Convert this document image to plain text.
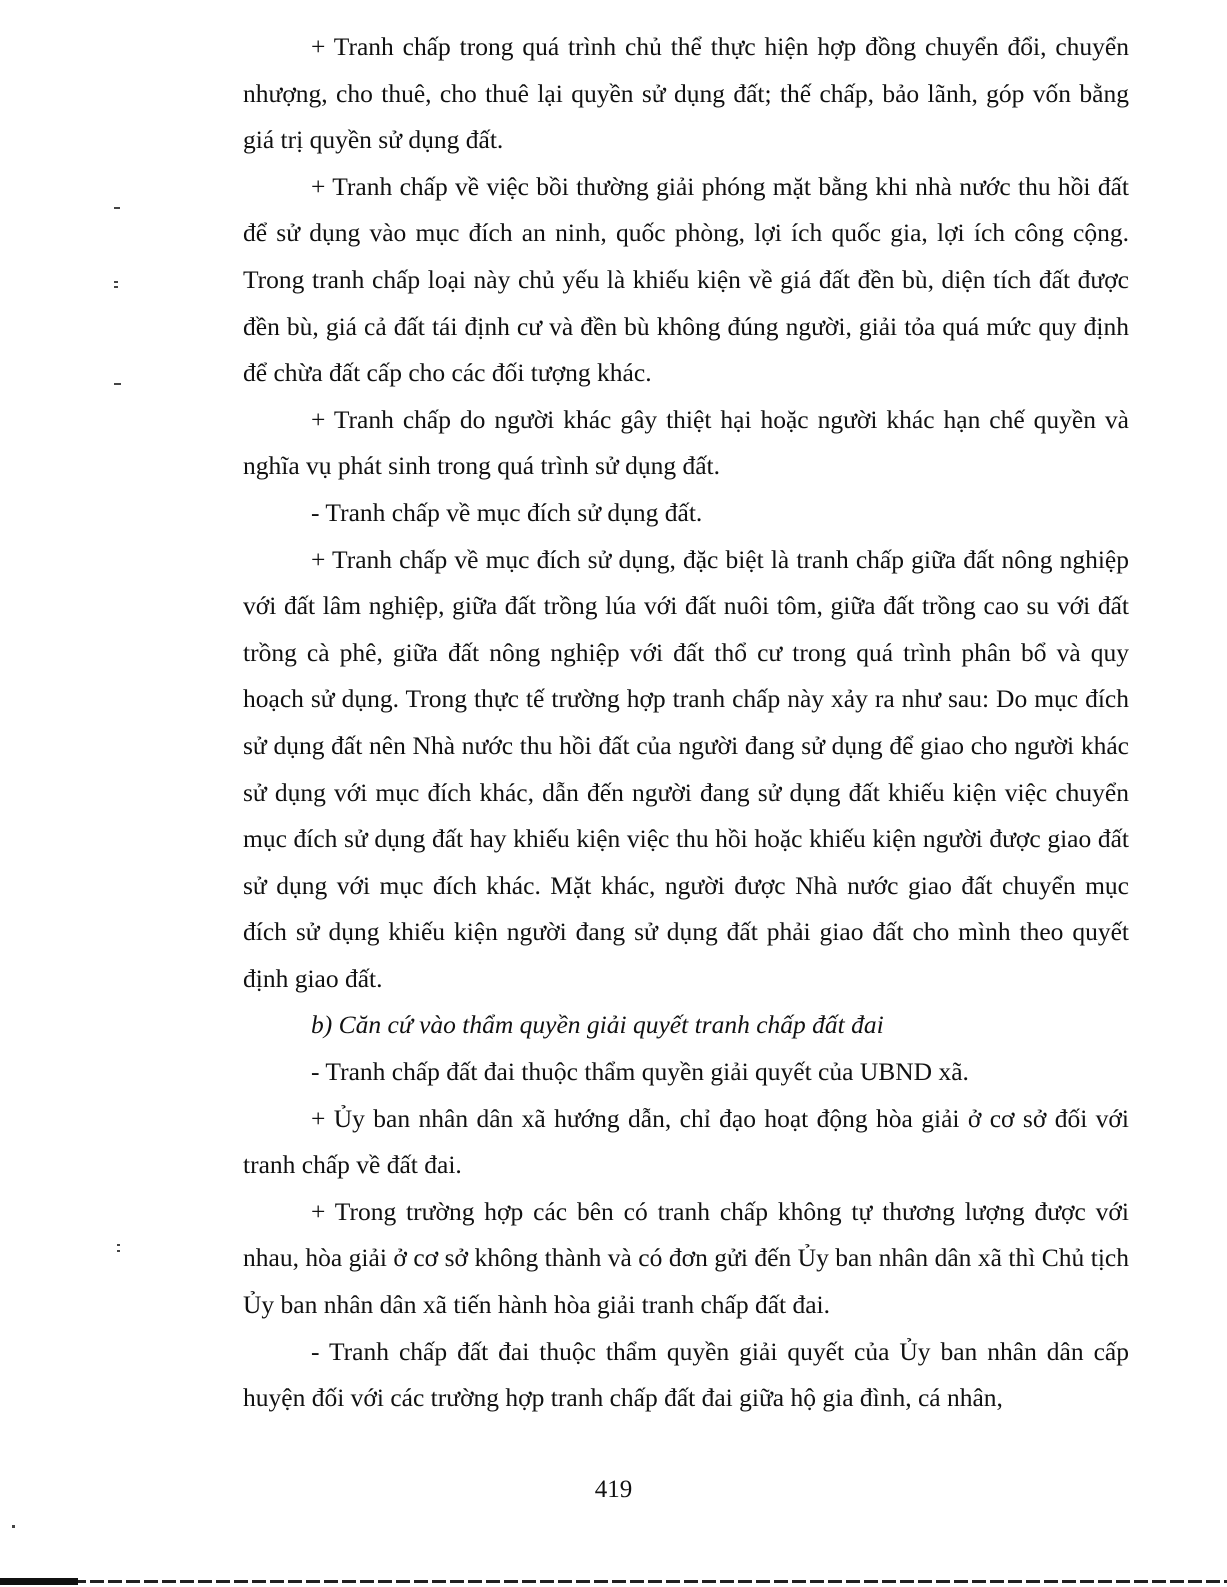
+ Tranh chấp trong quá trình chủ thể thực hiện hợp đồng chuyển đổi, chuyển nhượng, cho thuê, cho thuê lại quyền sử dụng đất; thế chấp, bảo lãnh, góp vốn bằng giá trị quyền sử dụng đất.

+ Tranh chấp về việc bồi thường giải phóng mặt bằng khi nhà nước thu hồi đất để sử dụng vào mục đích an ninh, quốc phòng, lợi ích quốc gia, lợi ích công cộng. Trong tranh chấp loại này chủ yếu là khiếu kiện về giá đất đền bù, diện tích đất được đền bù, giá cả đất tái định cư và đền bù không đúng người, giải tỏa quá mức quy định để chừa đất cấp cho các đối tượng khác.

+ Tranh chấp do người khác gây thiệt hại hoặc người khác hạn chế quyền và nghĩa vụ phát sinh trong quá trình sử dụng đất.

- Tranh chấp về mục đích sử dụng đất.

+ Tranh chấp về mục đích sử dụng, đặc biệt là tranh chấp giữa đất nông nghiệp với đất lâm nghiệp, giữa đất trồng lúa với đất nuôi tôm, giữa đất trồng cao su với đất trồng cà phê, giữa đất nông nghiệp với đất thổ cư trong quá trình phân bổ và quy hoạch sử dụng. Trong thực tế trường hợp tranh chấp này xảy ra như sau: Do mục đích sử dụng đất nên Nhà nước thu hồi đất của người đang sử dụng để giao cho người khác sử dụng với mục đích khác, dẫn đến người đang sử dụng đất khiếu kiện việc chuyển mục đích sử dụng đất hay khiếu kiện việc thu hồi hoặc khiếu kiện người được giao đất sử dụng với mục đích khác. Mặt khác, người được Nhà nước giao đất chuyển mục đích sử dụng khiếu kiện người đang sử dụng đất phải giao đất cho mình theo quyết định giao đất.

b) Căn cứ vào thẩm quyền giải quyết tranh chấp đất đai

- Tranh chấp đất đai thuộc thẩm quyền giải quyết của UBND xã.

+ Ủy ban nhân dân xã hướng dẫn, chỉ đạo hoạt động hòa giải ở cơ sở đối với tranh chấp về đất đai.

+ Trong trường hợp các bên có tranh chấp không tự thương lượng được với nhau, hòa giải ở cơ sở không thành và có đơn gửi đến Ủy ban nhân dân xã thì Chủ tịch Ủy ban nhân dân xã tiến hành hòa giải tranh chấp đất đai.

- Tranh chấp đất đai thuộc thẩm quyền giải quyết của Ủy ban nhân dân cấp huyện đối với các trường hợp tranh chấp đất đai giữa hộ gia đình, cá nhân,

419
